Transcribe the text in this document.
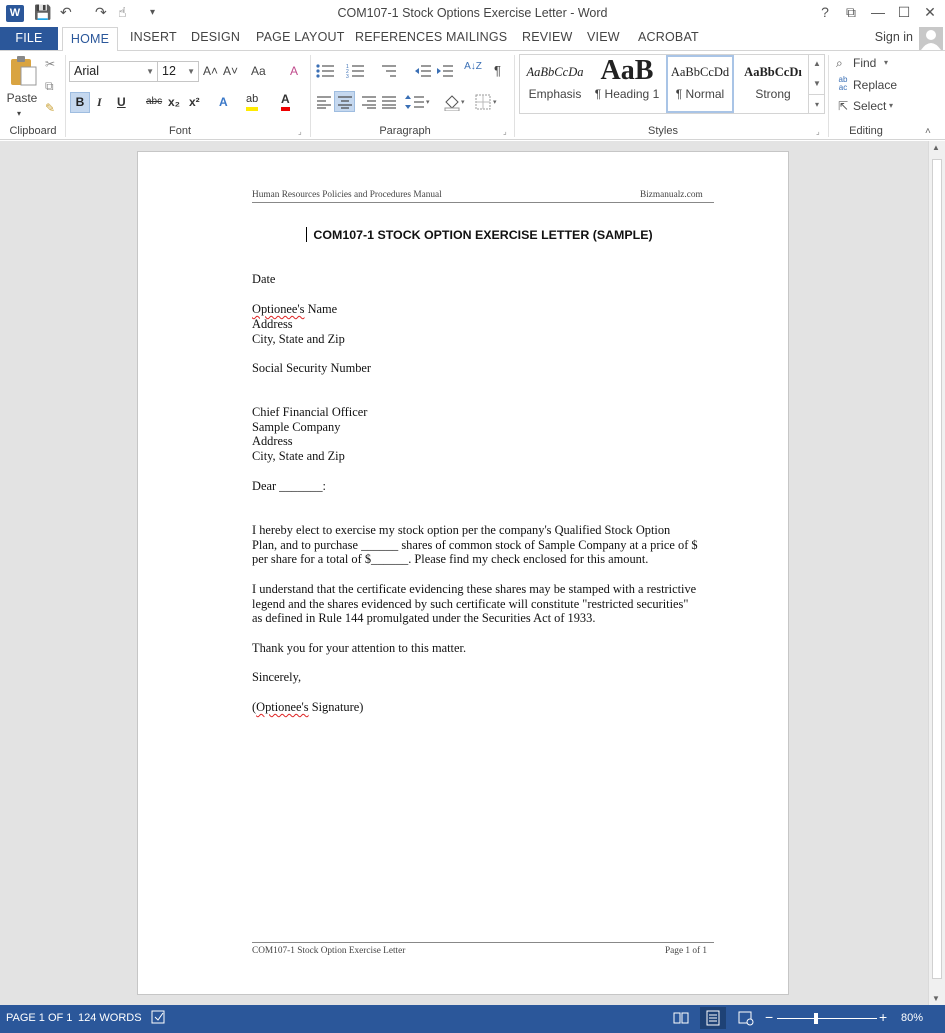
W 💾 ↶ ↷ ☝ ▾	COM107-1 Stock Options Exercise Letter - Word	?	⧉	— ☐ ✕
FILE	HOME	INSERT DESIGN PAGE LAYOUT REFERENCES MAILINGS REVIEW VIEW ACROBAT	Sign in
Paste
▾
✂
⧉
✎
Clipboard
Arial	▼ 12 ▼ A˄ A˅ Aa A
B	I U abc x₂ x² A ab A
Font	⌟
1
2
3
A↓Z ¶
▾	▾	▾
Paragraph	⌟
AaBbCcDa
Emphasis
AaB
¶ Heading 1
AaBbCcDd
¶ Normal
AaBbCcDı
Strong
▲
▼
▾
Styles	⌟
⌕ Find ▾
ab
ac Replace
⇱ Select ▾
Editing	˄
Human Resources Policies and Procedures Manual	Bizmanualz.com
COM107-1 STOCK OPTION EXERCISE LETTER (SAMPLE)
Date
Optionee's Name
Address
City, State and Zip
Social Security Number
Chief Financial Officer
Sample Company
Address
City, State and Zip
Dear _______:
I hereby elect to exercise my stock option per the company's Qualified Stock Option
Plan, and to purchase ______ shares of common stock of Sample Company at a price of $
per share for a total of $______. Please find my check enclosed for this amount.
I understand that the certificate evidencing these shares may be stamped with a restrictive
legend and the shares evidenced by such certificate will constitute "restricted securities"
as defined in Rule 144 promulgated under the Securities Act of 1933.
Thank you for your attention to this matter.
Sincerely,
(Optionee's Signature)
COM107-1 Stock Option Exercise Letter	Page 1 of 1
▲
▼
PAGE 1 OF 1 124 WORDS	−	+ 80%
